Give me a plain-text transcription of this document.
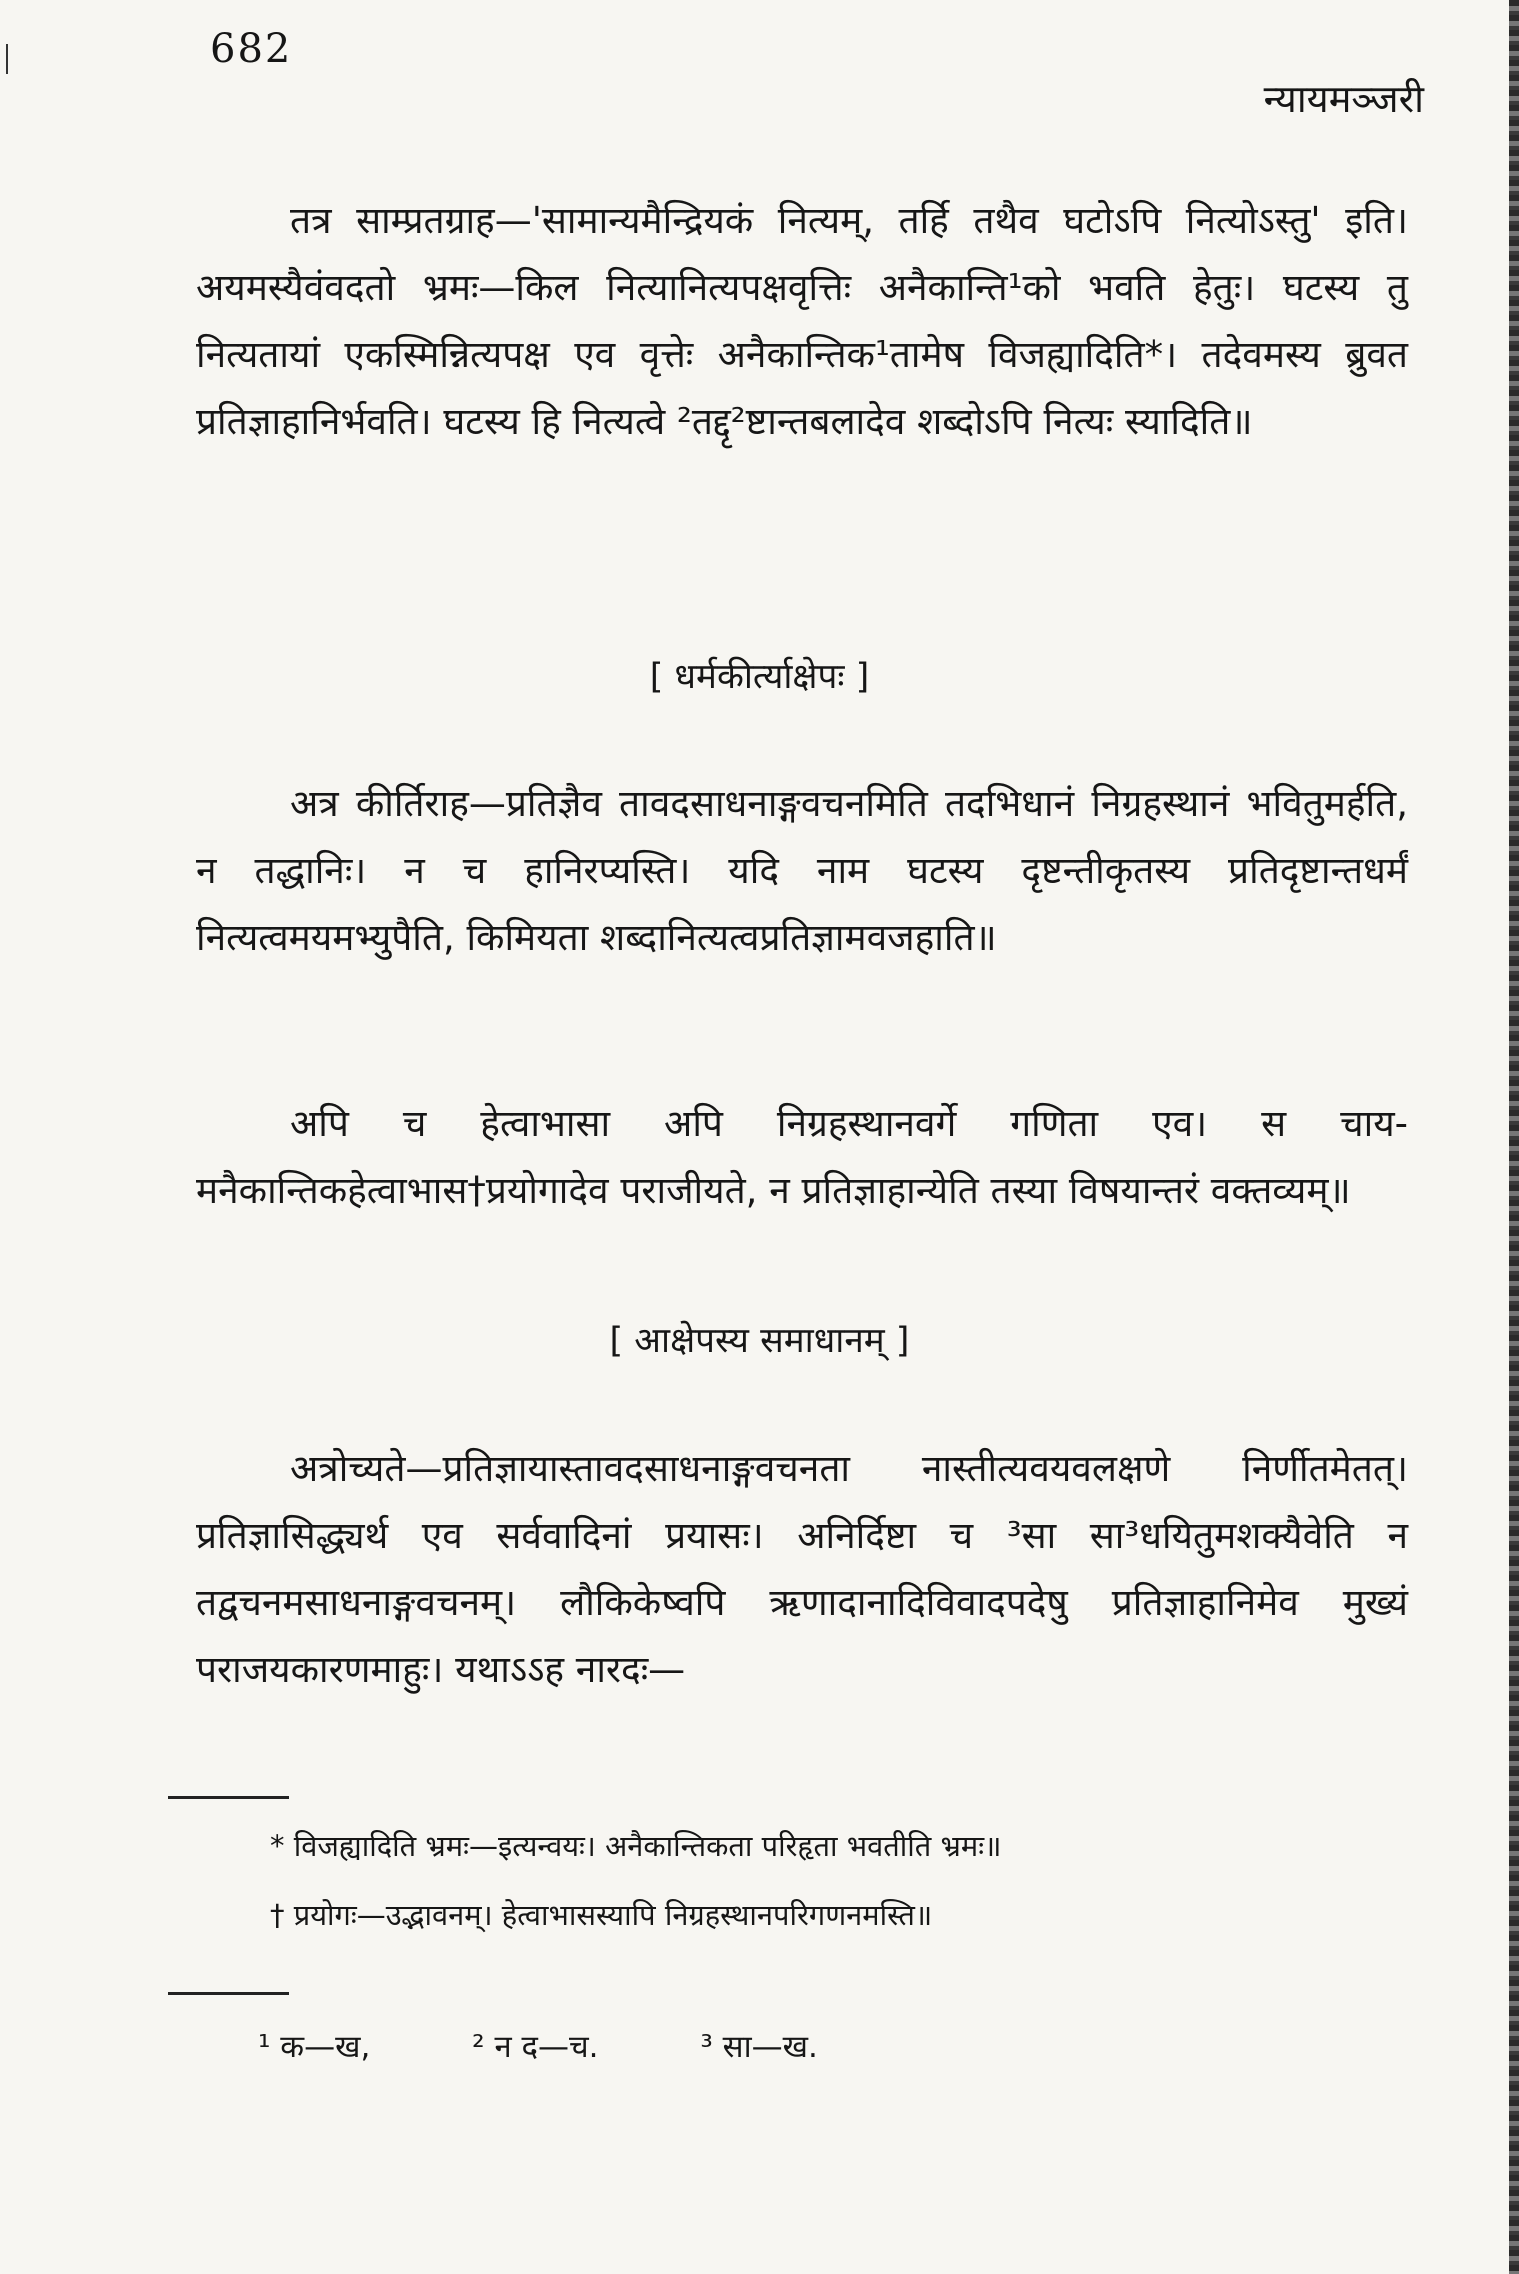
682
न्यायमञ्जरी

तत्र साम्प्रतग्राह—'सामान्यमैन्द्रियकं नित्यम्, तर्हि तथैव घटोऽपि नित्योऽस्तु' इति। अयमस्यैवंवदतो भ्रमः—किल नित्यानित्यपक्षवृत्तिः अनैकान्ति¹को भवति हेतुः। घटस्य तु नित्यतायां एकस्मिन्नित्यपक्ष एव वृत्तेः अनैकान्तिक¹तामेष विजह्यादिति*। तदेवमस्य ब्रुवत प्रतिज्ञाहानिर्भवति। घटस्य हि नित्यत्वे ²तद्दृ²ष्टान्तबलादेव शब्दोऽपि नित्यः स्यादिति॥

[ धर्मकीर्त्याक्षेपः ]

अत्र कीर्तिराह—प्रतिज्ञैव तावदसाधनाङ्गवचनमिति तदभिधानं निग्रहस्थानं भवितुमर्हति, न तद्धानिः। न च हानिरप्यस्ति। यदि नाम घटस्य दृष्टन्तीकृतस्य प्रतिदृष्टान्तधर्मं नित्यत्वमयमभ्युपैति, किमियता शब्दानित्यत्वप्रतिज्ञामवजहाति॥

अपि च हेत्वाभासा अपि निग्रहस्थानवर्गे गणिता एव। स चाय-मनैकान्तिकहेत्वाभास†प्रयोगादेव पराजीयते, न प्रतिज्ञाहान्येति तस्या विषयान्तरं वक्तव्यम्॥

[ आक्षेपस्य समाधानम् ]

अत्रोच्यते—प्रतिज्ञायास्तावदसाधनाङ्गवचनता नास्तीत्यवयवलक्षणे निर्णीतमेतत्। प्रतिज्ञासिद्ध्यर्थ एव सर्ववादिनां प्रयासः। अनिर्दिष्टा च ³सा सा³धयितुमशक्यैवेति न तद्वचनमसाधनाङ्गवचनम्। लौकिकेष्वपि ऋणादानादिविवादपदेषु प्रतिज्ञाहानिमेव मुख्यं पराजयकारणमाहुः। यथाऽऽह नारदः—

* विजह्यादिति भ्रमः—इत्यन्वयः। अनैकान्तिकता परिहृता भवतीति भ्रमः॥
† प्रयोगः—उद्भावनम्। हेत्वाभासस्यापि निग्रहस्थानपरिगणनमस्ति॥
¹ क—ख,	² न द—च.	³ सा—ख.
